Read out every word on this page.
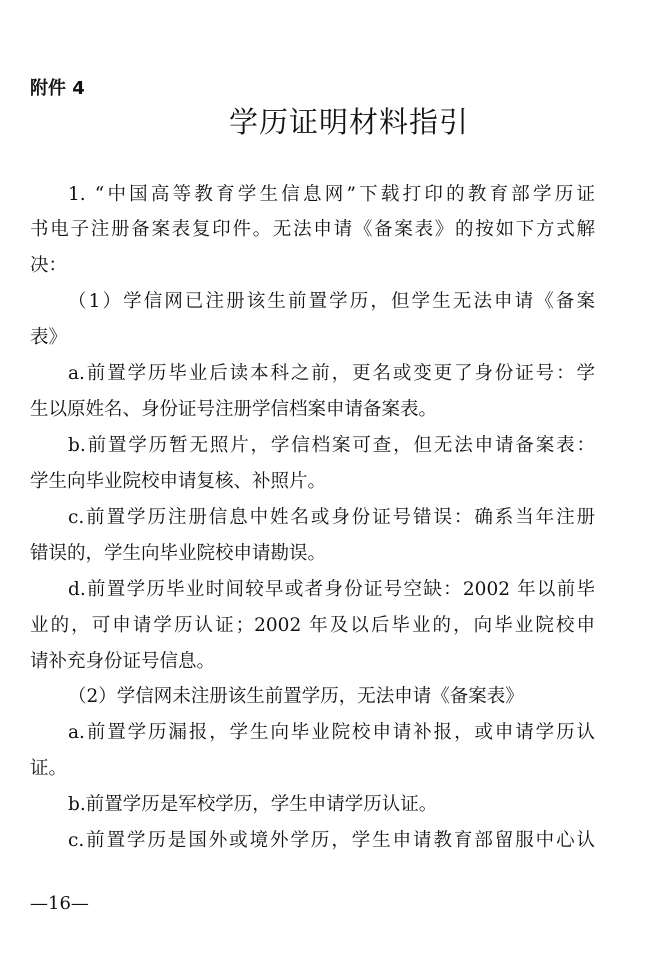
附件 4
学历证明材料指引
1. “中国高等教育学生信息网”下载打印的教育部学历证
书电子注册备案表复印件。无法申请《备案表》的按如下方式解
决：
（1）学信网已注册该生前置学历，但学生无法申请《备案
表》
a.前置学历毕业后读本科之前，更名或变更了身份证号：学
生以原姓名、身份证号注册学信档案申请备案表。
b.前置学历暂无照片，学信档案可查，但无法申请备案表：
学生向毕业院校申请复核、补照片。
c.前置学历注册信息中姓名或身份证号错误：确系当年注册
错误的，学生向毕业院校申请勘误。
d.前置学历毕业时间较早或者身份证号空缺：2002 年以前毕
业的，可申请学历认证；2002 年及以后毕业的，向毕业院校申
请补充身份证号信息。
（2）学信网未注册该生前置学历，无法申请《备案表》
a.前置学历漏报，学生向毕业院校申请补报，或申请学历认
证。
b.前置学历是军校学历，学生申请学历认证。
c.前置学历是国外或境外学历，学生申请教育部留服中心认
—16—
